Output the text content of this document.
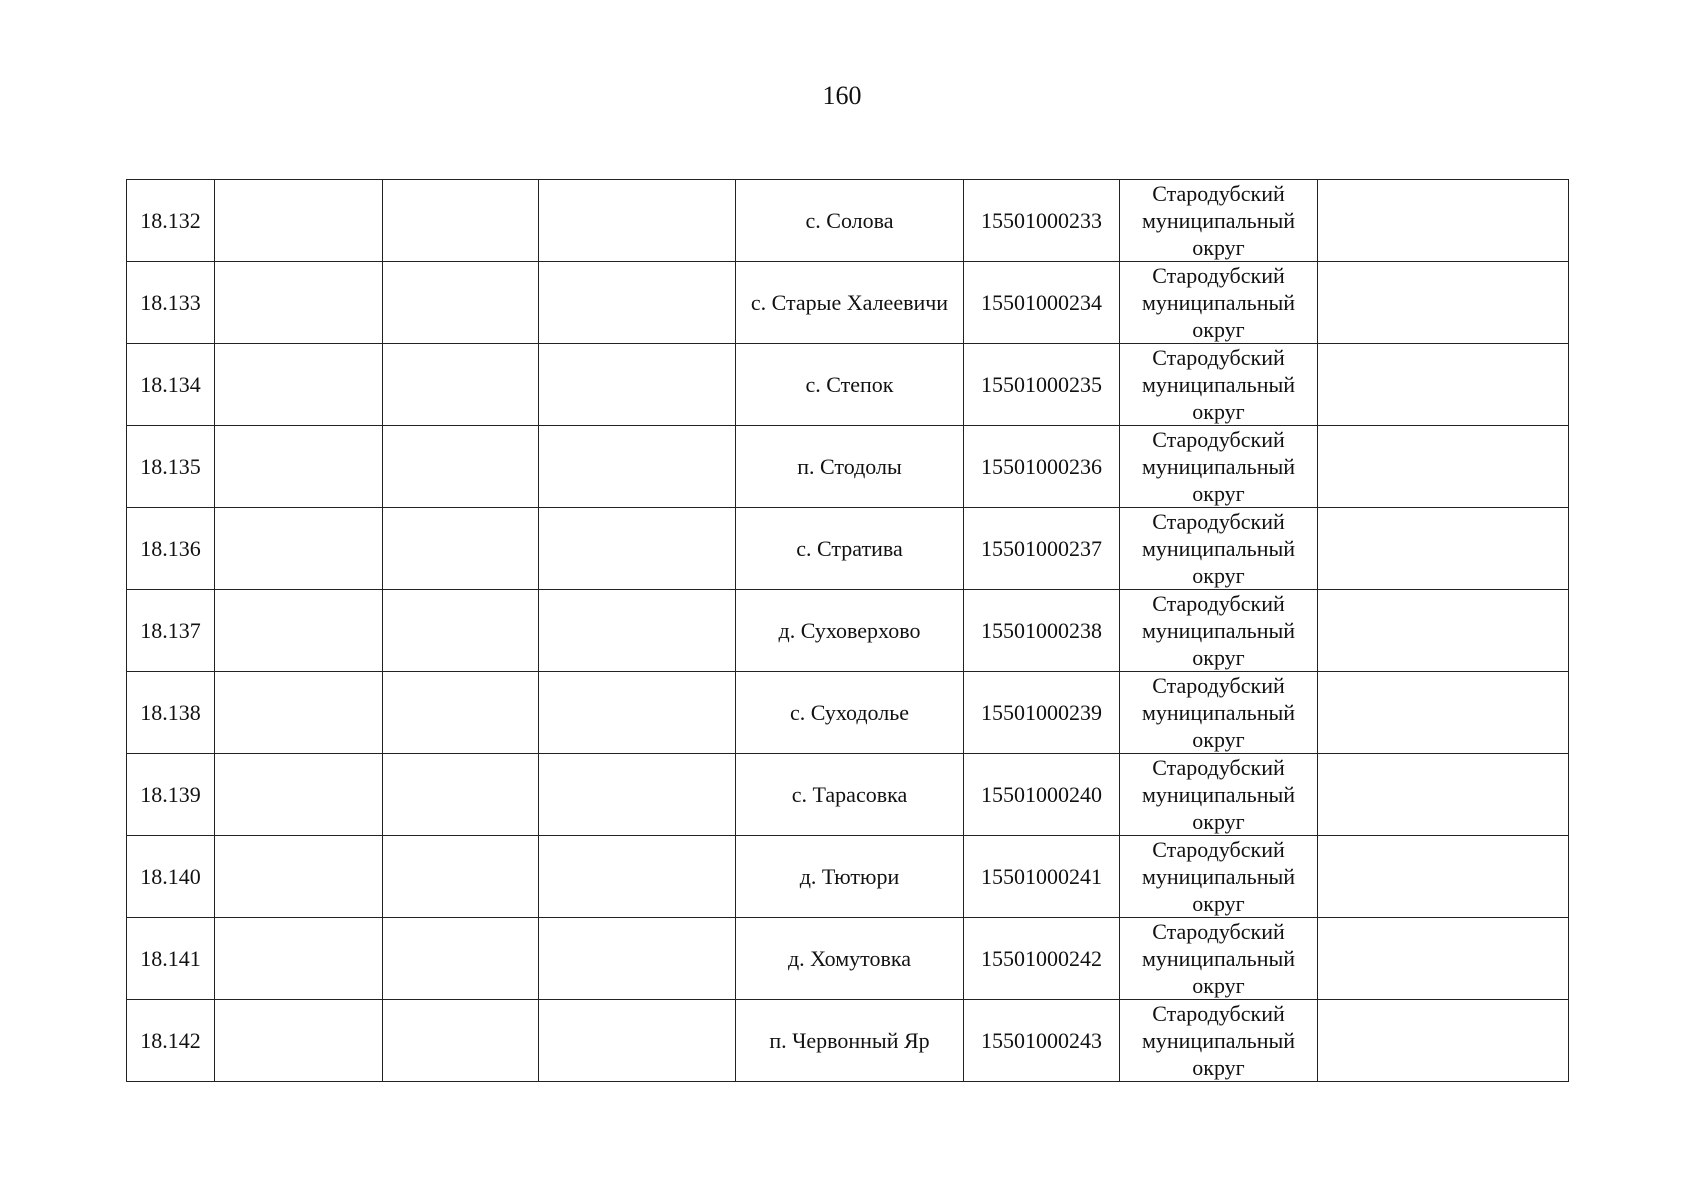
160
18.132				с. Солова	15501000233	Стародубский муниципальный округ	
18.133				с. Старые Халеевичи	15501000234	Стародубский муниципальный округ	
18.134				с. Степок	15501000235	Стародубский муниципальный округ	
18.135				п. Стодолы	15501000236	Стародубский муниципальный округ	
18.136				с. Стратива	15501000237	Стародубский муниципальный округ	
18.137				д. Суховерхово	15501000238	Стародубский муниципальный округ	
18.138				с. Суходолье	15501000239	Стародубский муниципальный округ	
18.139				с. Тарасовка	15501000240	Стародубский муниципальный округ	
18.140				д. Тютюри	15501000241	Стародубский муниципальный округ	
18.141				д. Хомутовка	15501000242	Стародубский муниципальный округ	
18.142				п. Червонный Яр	15501000243	Стародубский муниципальный округ	
